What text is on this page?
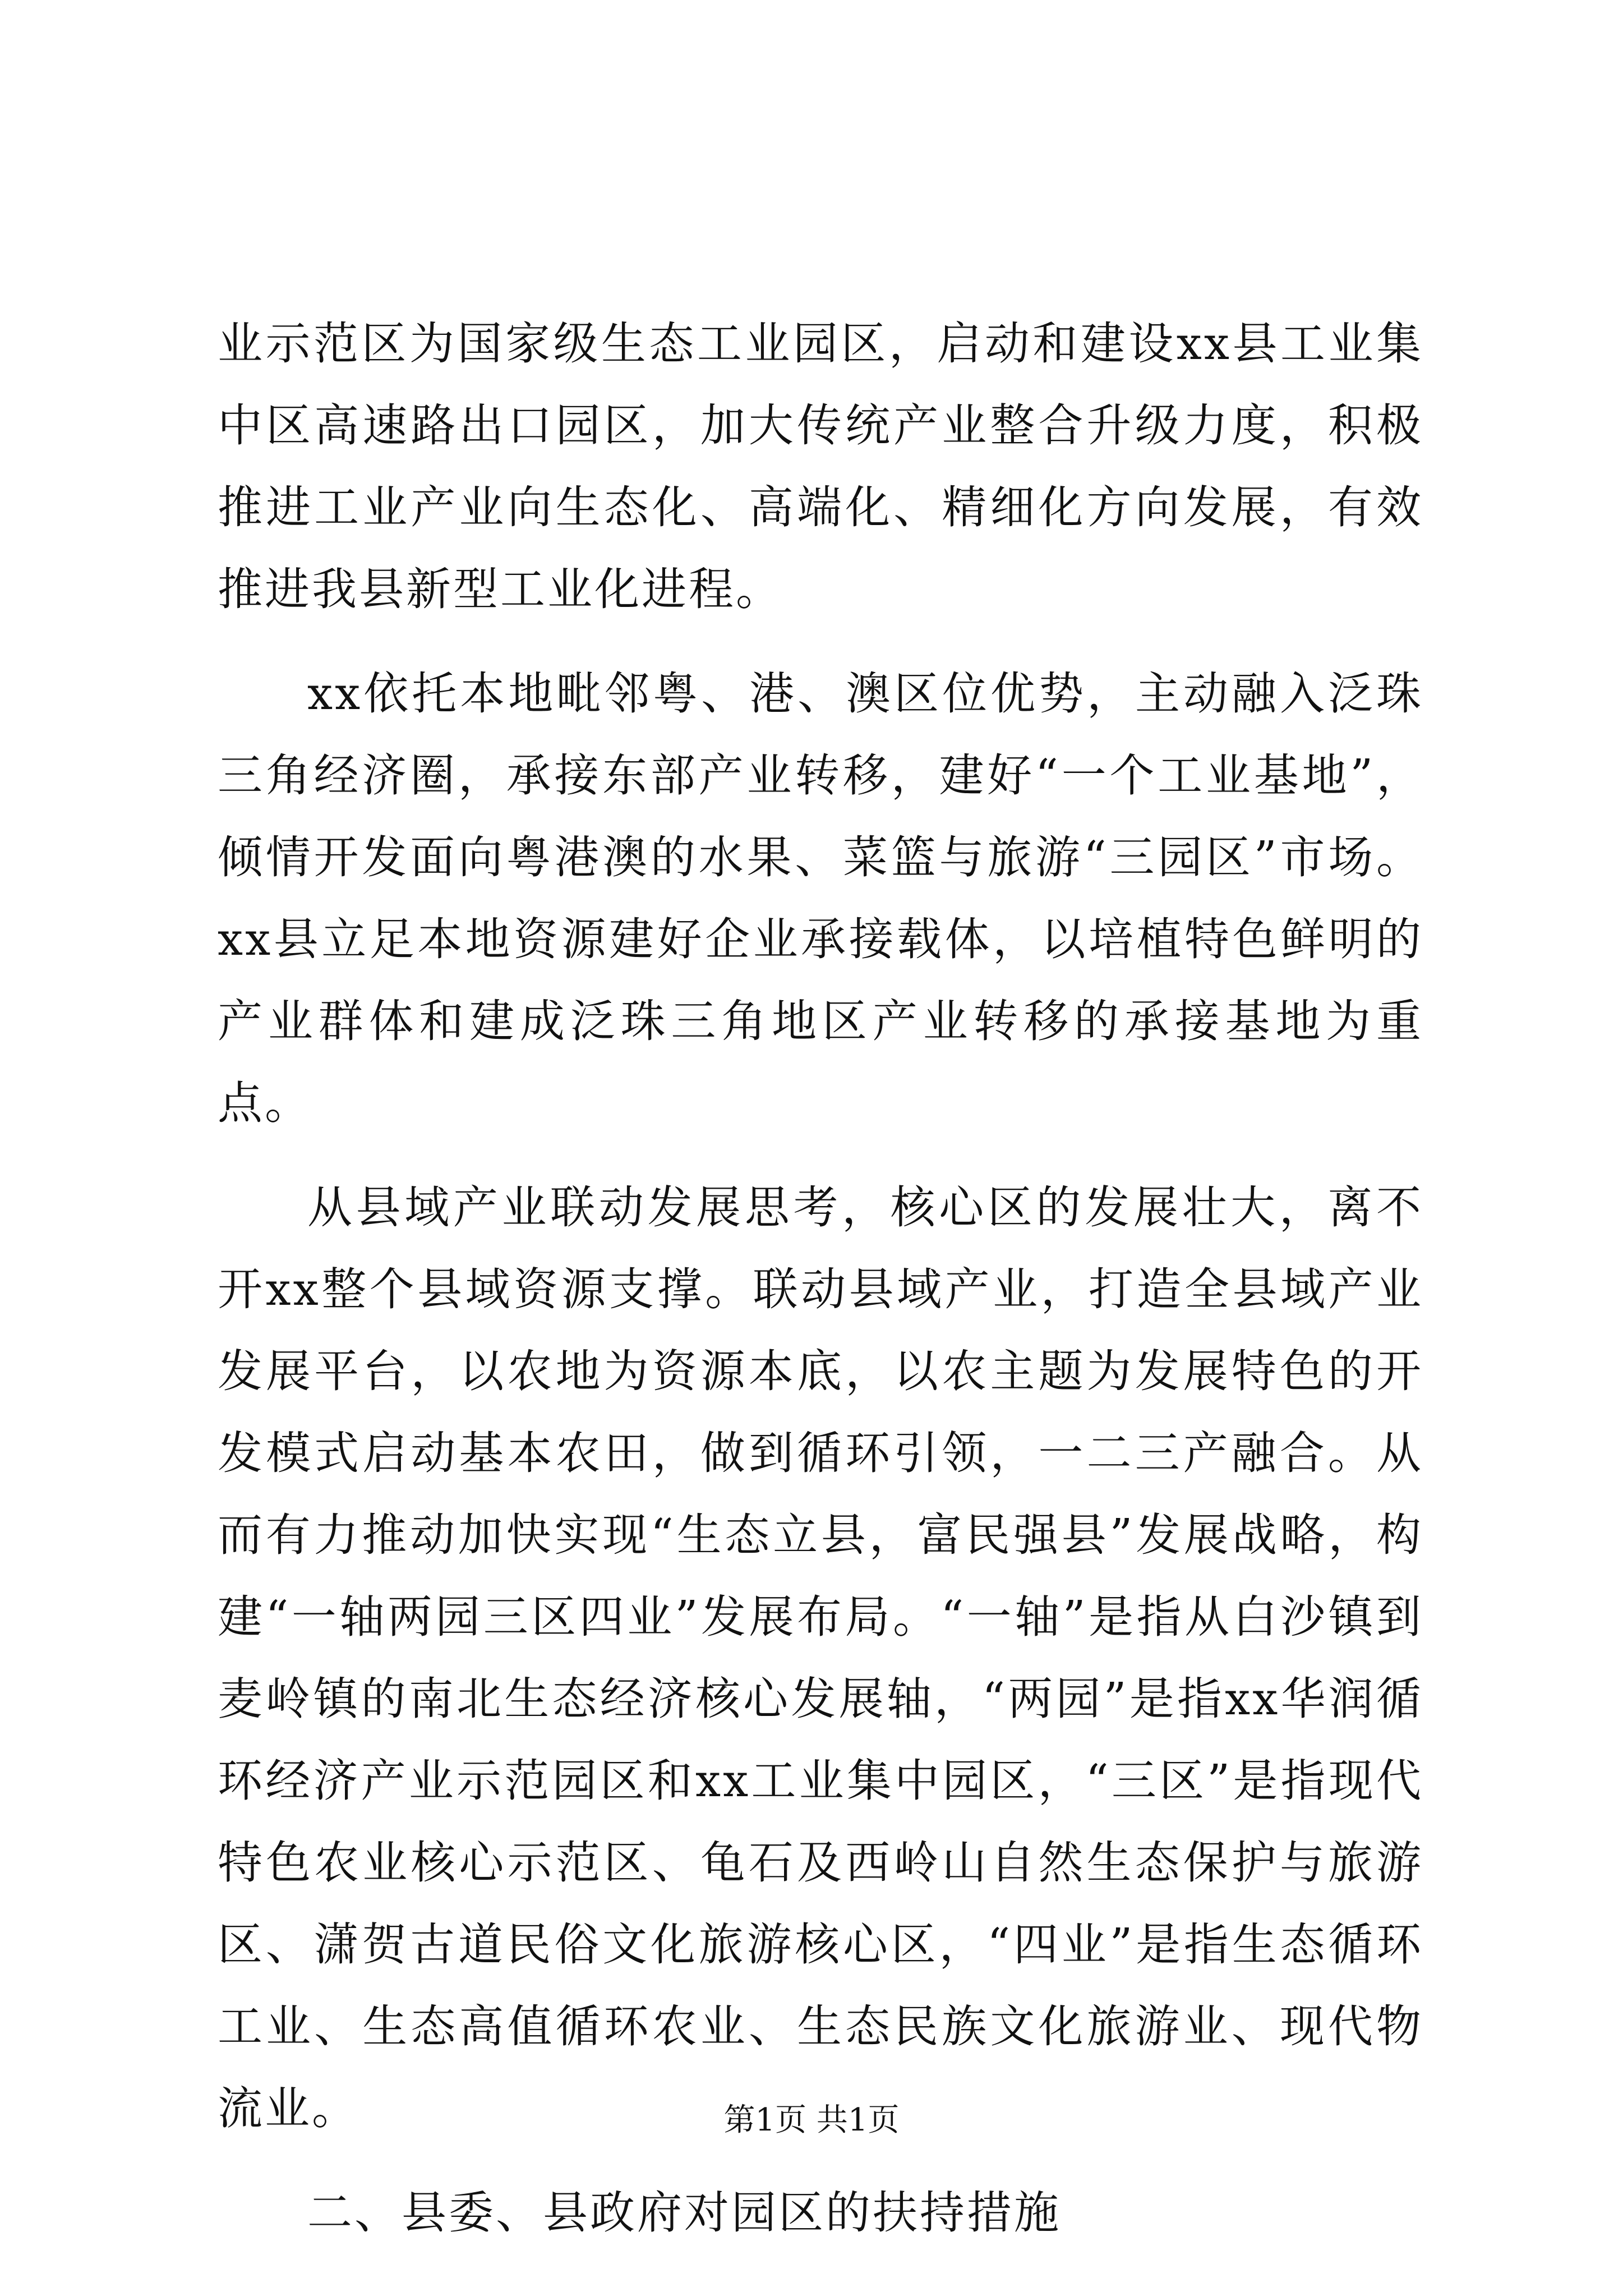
业示范区为国家级生态工业园区，启动和建设xx县工业集中区高速路出口园区，加大传统产业整合升级力度，积极推进工业产业向生态化、高端化、精细化方向发展，有效推进我县新型工业化进程。

xx依托本地毗邻粤、港、澳区位优势，主动融入泛珠三角经济圈，承接东部产业转移，建好“一个工业基地”，倾情开发面向粤港澳的水果、菜篮与旅游“三园区”市场。xx县立足本地资源建好企业承接载体，以培植特色鲜明的产业群体和建成泛珠三角地区产业转移的承接基地为重点。

从县域产业联动发展思考，核心区的发展壮大，离不开xx整个县域资源支撑。联动县域产业，打造全县域产业发展平台，以农地为资源本底，以农主题为发展特色的开发模式启动基本农田，做到循环引领，一二三产融合。从而有力推动加快实现“生态立县，富民强县”发展战略，构建“一轴两园三区四业”发展布局。“一轴”是指从白沙镇到麦岭镇的南北生态经济核心发展轴，“两园”是指xx华润循环经济产业示范园区和xx工业集中园区，“三区”是指现代特色农业核心示范区、龟石及西岭山自然生态保护与旅游区、潇贺古道民俗文化旅游核心区，“四业”是指生态循环工业、生态高值循环农业、生态民族文化旅游业、现代物流业。

二、县委、县政府对园区的扶持措施

第1页 共1页
